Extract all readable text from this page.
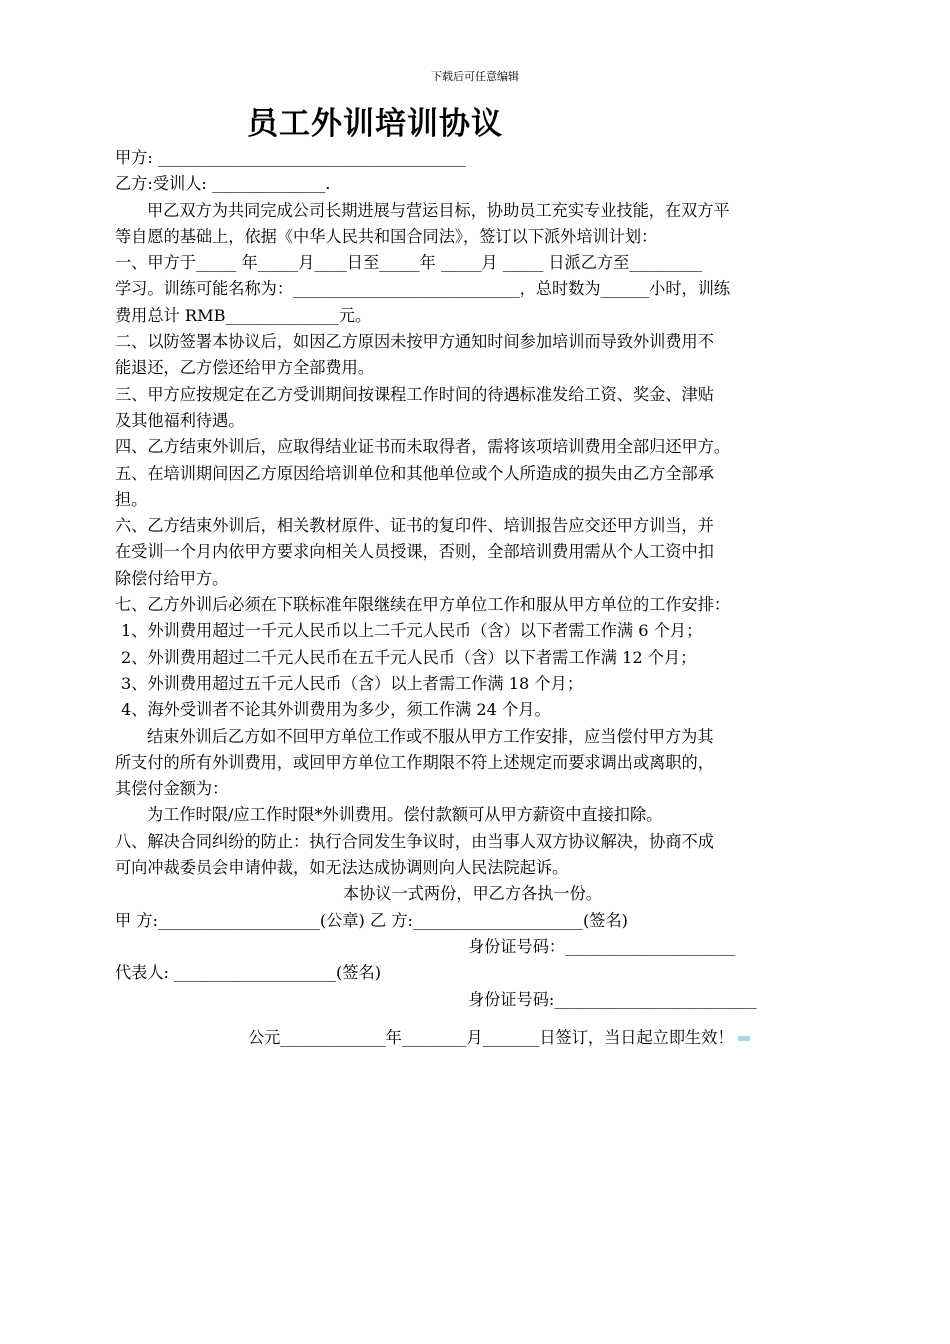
下载后可任意编辑
员工外训培训协议
甲方: ______________________________________
乙方:受训人: ______________.
甲乙双方为共同完成公司长期进展与营运目标，协助员工充实专业技能，在双方平
等自愿的基础上，依据《中华人民共和国合同法》，签订以下派外培训计划：
一、甲方于_____ 年_____月____日至_____年 _____月 _____ 日派乙方至_________
学习。训练可能名称为：____________________________，总时数为______小时，训练
费用总计 RMB______________元。
二、以防签署本协议后，如因乙方原因未按甲方通知时间参加培训而导致外训费用不
能退还，乙方偿还给甲方全部费用。
三、甲方应按规定在乙方受训期间按课程工作时间的待遇标准发给工资、奖金、津贴
及其他福利待遇。
四、乙方结束外训后，应取得结业证书而未取得者，需将该项培训费用全部归还甲方。
五、在培训期间因乙方原因给培训单位和其他单位或个人所造成的损失由乙方全部承
担。
六、乙方结束外训后，相关教材原件、证书的复印件、培训报告应交还甲方训当，并
在受训一个月内依甲方要求向相关人员授课，否则，全部培训费用需从个人工资中扣
除偿付给甲方。
七、乙方外训后必须在下联标准年限继续在甲方单位工作和服从甲方单位的工作安排：
1、外训费用超过一千元人民币以上二千元人民币（含）以下者需工作满 6 个月；
2、外训费用超过二千元人民币在五千元人民币（含）以下者需工作满 12 个月；
3、外训费用超过五千元人民币（含）以上者需工作满 18 个月；
4、海外受训者不论其外训费用为多少，须工作满 24 个月。
结束外训后乙方如不回甲方单位工作或不服从甲方工作安排，应当偿付甲方为其
所支付的所有外训费用，或回甲方单位工作期限不符上述规定而要求调出或离职的，
其偿付金额为：
为工作时限/应工作时限*外训费用。偿付款额可从甲方薪资中直接扣除。
八、解决合同纠纷的防止：执行合同发生争议时，由当事人双方协议解决，协商不成
可向冲裁委员会申请仲裁，如无法达成协调则向人民法院起诉。
本协议一式两份，甲乙方各执一份。
甲 方:____________________(公章) 乙 方:_____________________(签名)
身份证号码：_____________________
代表人: ____________________(签名)
身份证号码:_________________________
公元_____________年________月_______日签订，当日起立即生效！
